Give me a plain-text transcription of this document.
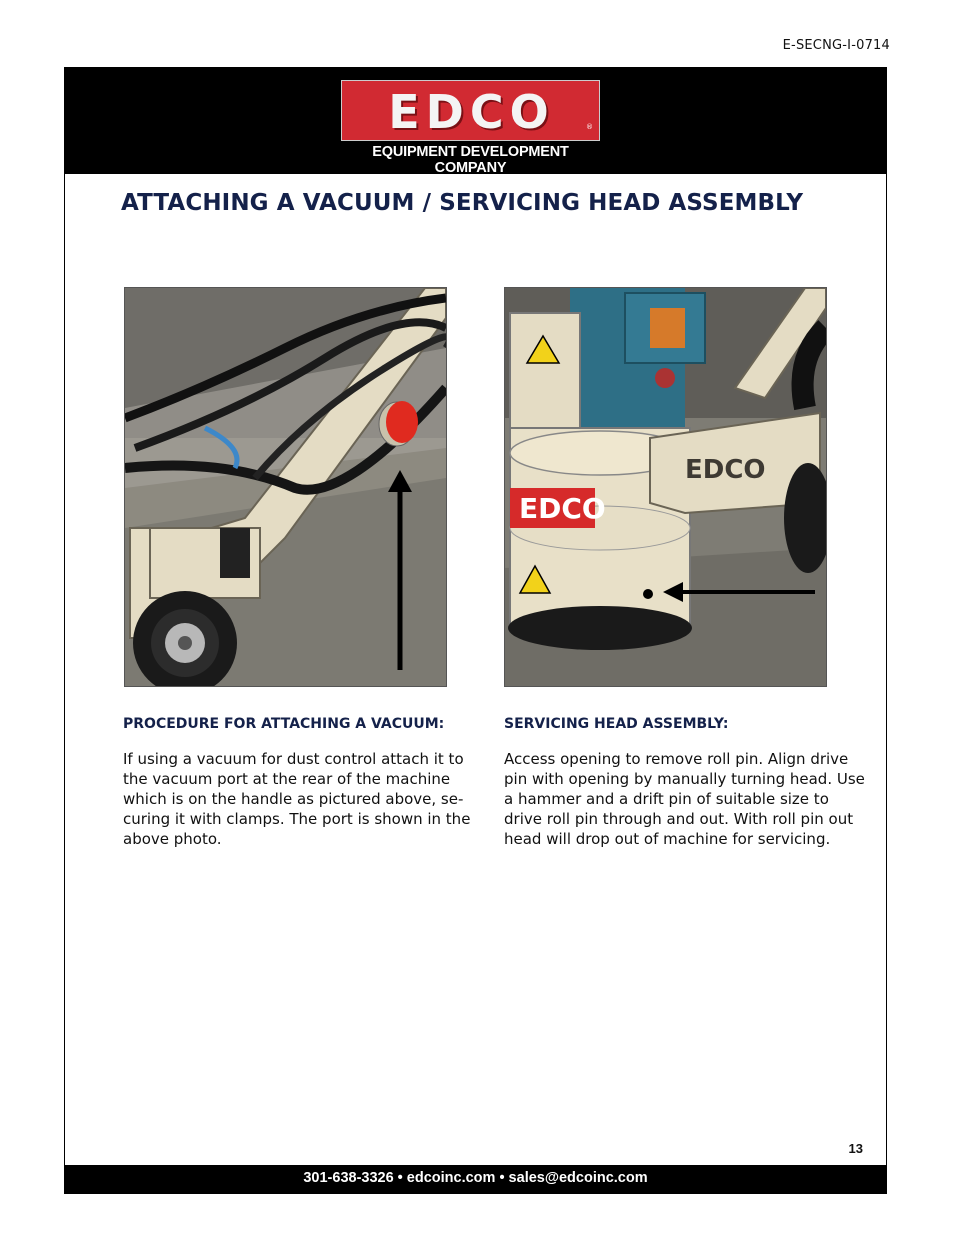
E-SECNG-I-0714
EDCO	®
EQUIPMENT DEVELOPMENT COMPANY
ATTACHING A VACUUM / SERVICING HEAD ASSEMBLY
EDCO
EDCO
PROCEDURE FOR ATTACHING A VACUUM:

If using a vacuum for dust control attach it to the vacuum port at the rear of the machine which is on the handle as pictured above, se-curing it with clamps. The port is shown in the above photo.

SERVICING HEAD ASSEMBLY:

Access opening to remove roll pin. Align drive pin with opening by manually turning head. Use a hammer and a drift pin of suitable size to drive roll pin through and out. With roll pin out head will drop out of machine for servicing.

13
301-638-3326 • edcoinc.com • sales@edcoinc.com
